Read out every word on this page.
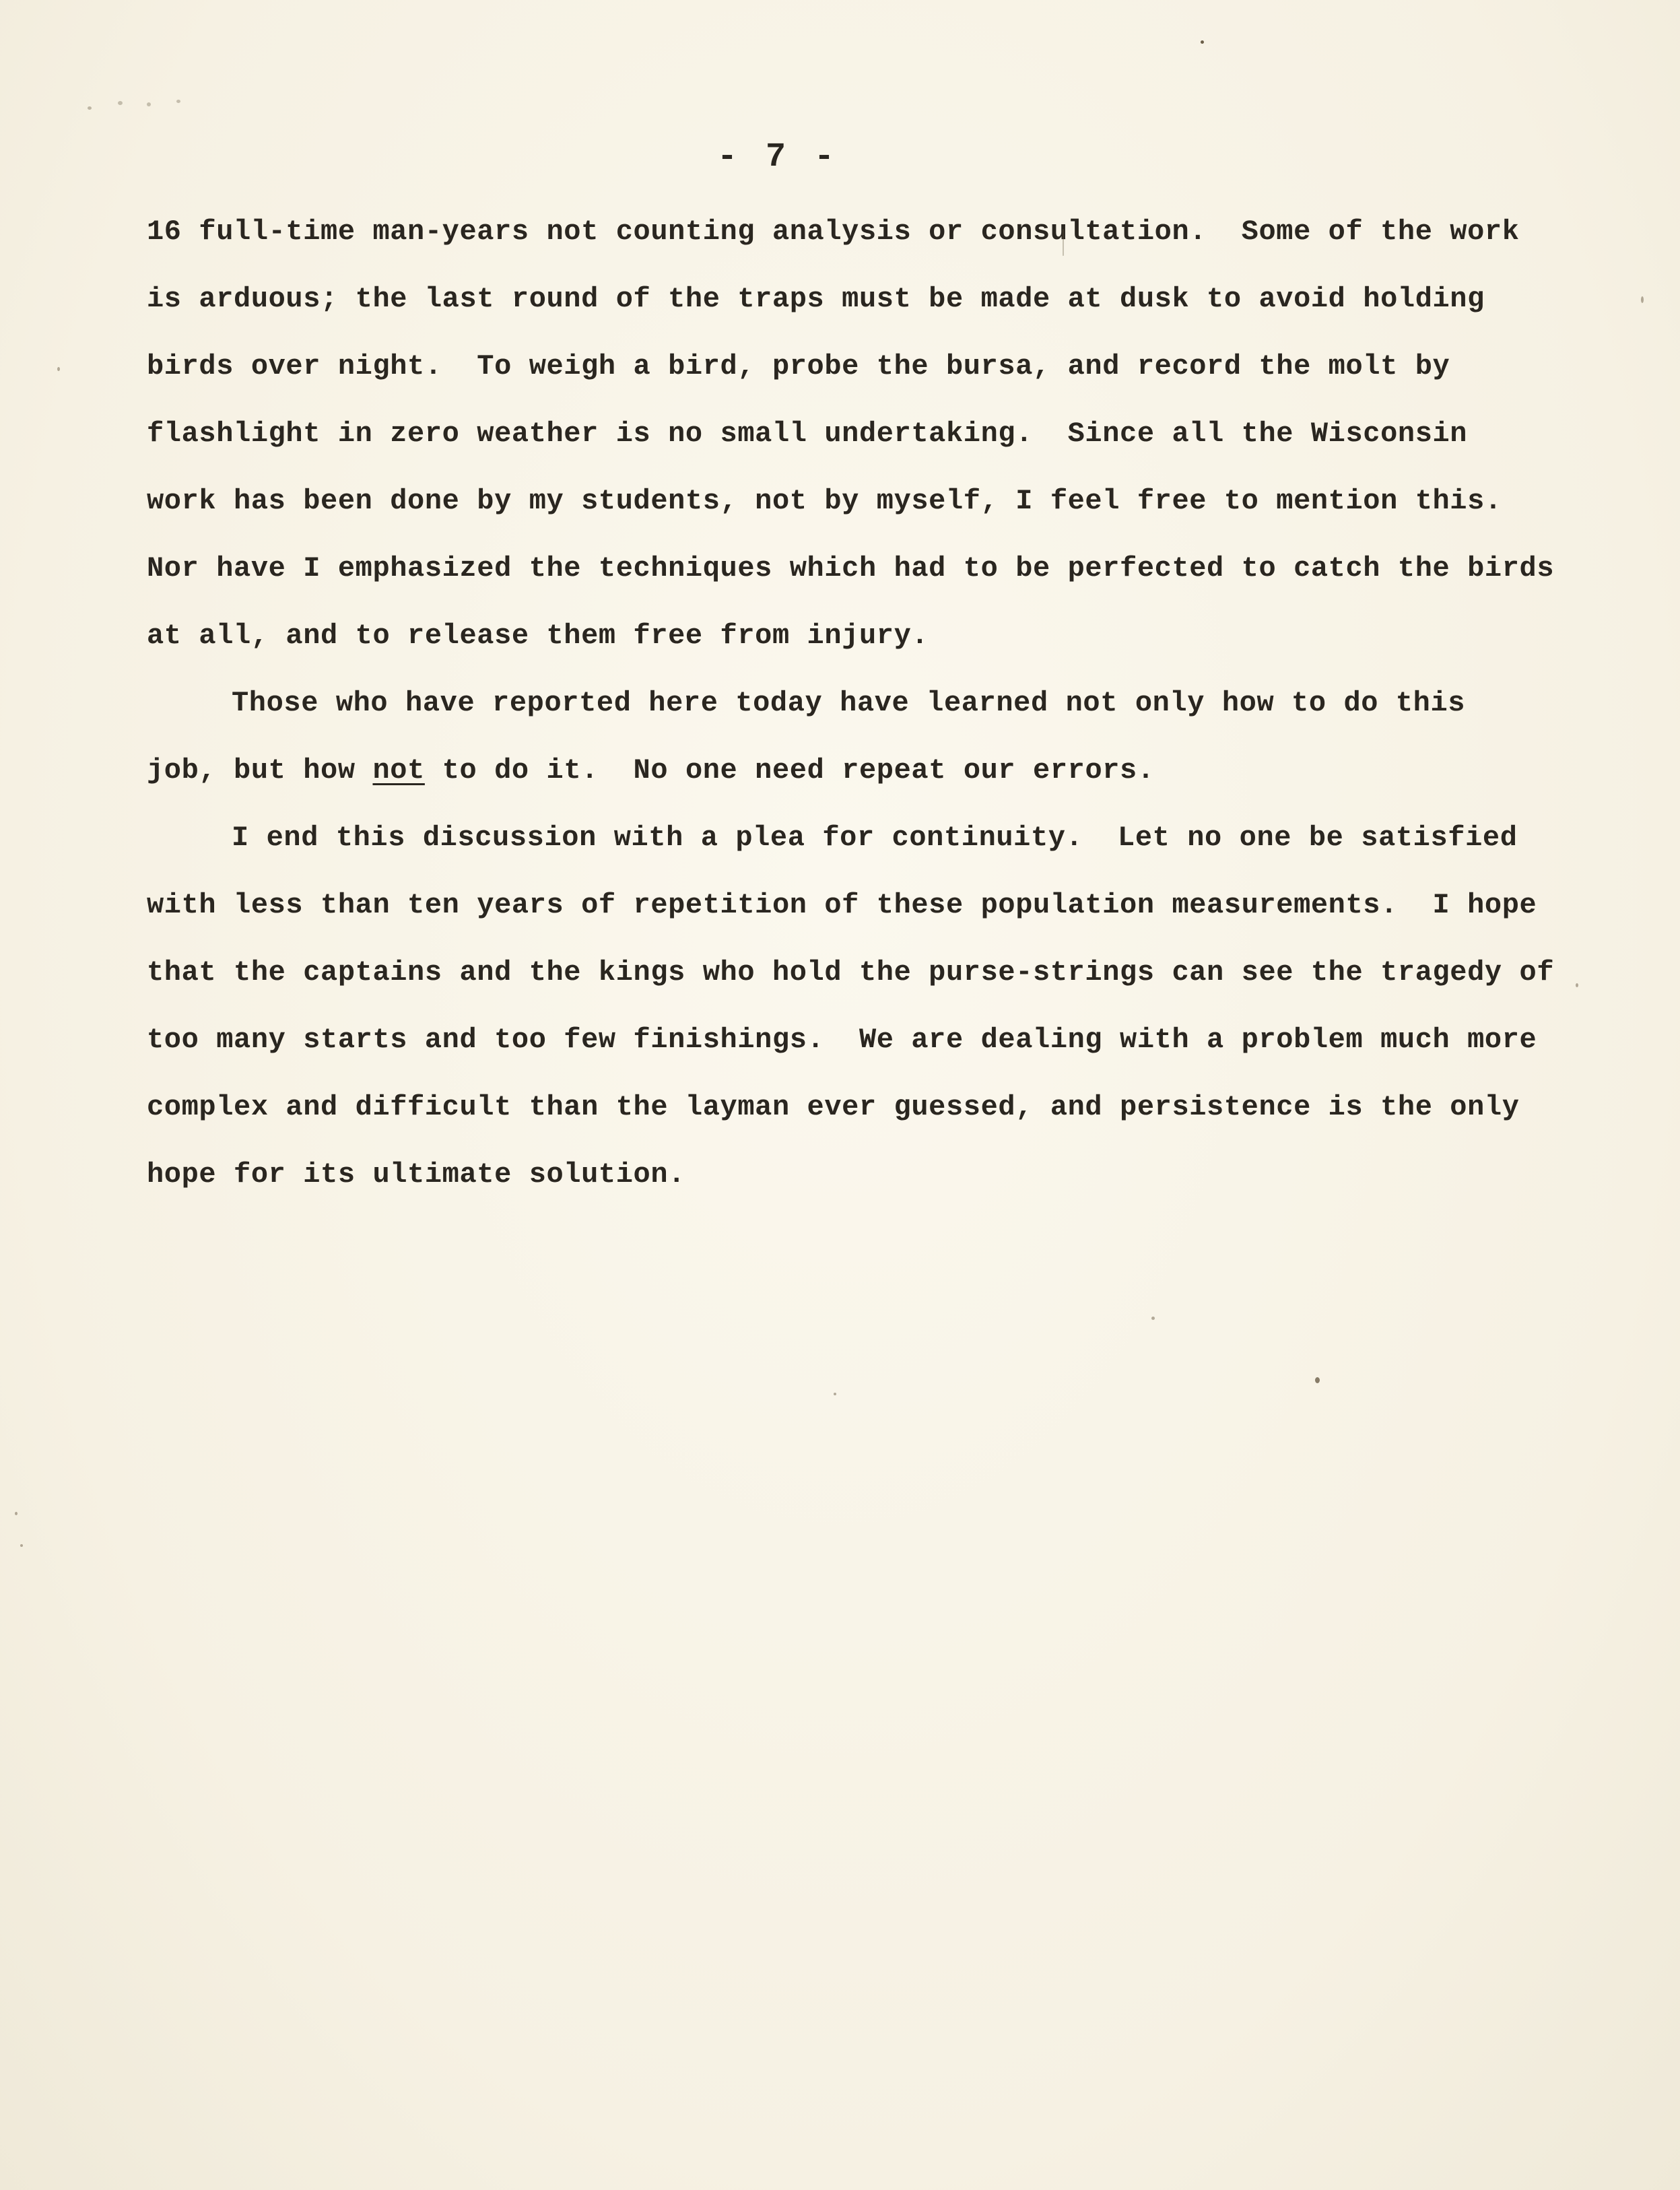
- 7 -
16 full-time man-years not counting analysis or consultation.  Some of the work
is arduous; the last round of the traps must be made at dusk to avoid holding
birds over night.  To weigh a bird, probe the bursa, and record the molt by
flashlight in zero weather is no small undertaking.  Since all the Wisconsin
work has been done by my students, not by myself, I feel free to mention this.
Nor have I emphasized the techniques which had to be perfected to catch the birds
at all, and to release them free from injury.
Those who have reported here today have learned not only how to do this
job, but how not to do it.  No one need repeat our errors.
I end this discussion with a plea for continuity.  Let no one be satisfied
with less than ten years of repetition of these population measurements.  I hope
that the captains and the kings who hold the purse-strings can see the tragedy of
too many starts and too few finishings.  We are dealing with a problem much more
complex and difficult than the layman ever guessed, and persistence is the only
hope for its ultimate solution.
